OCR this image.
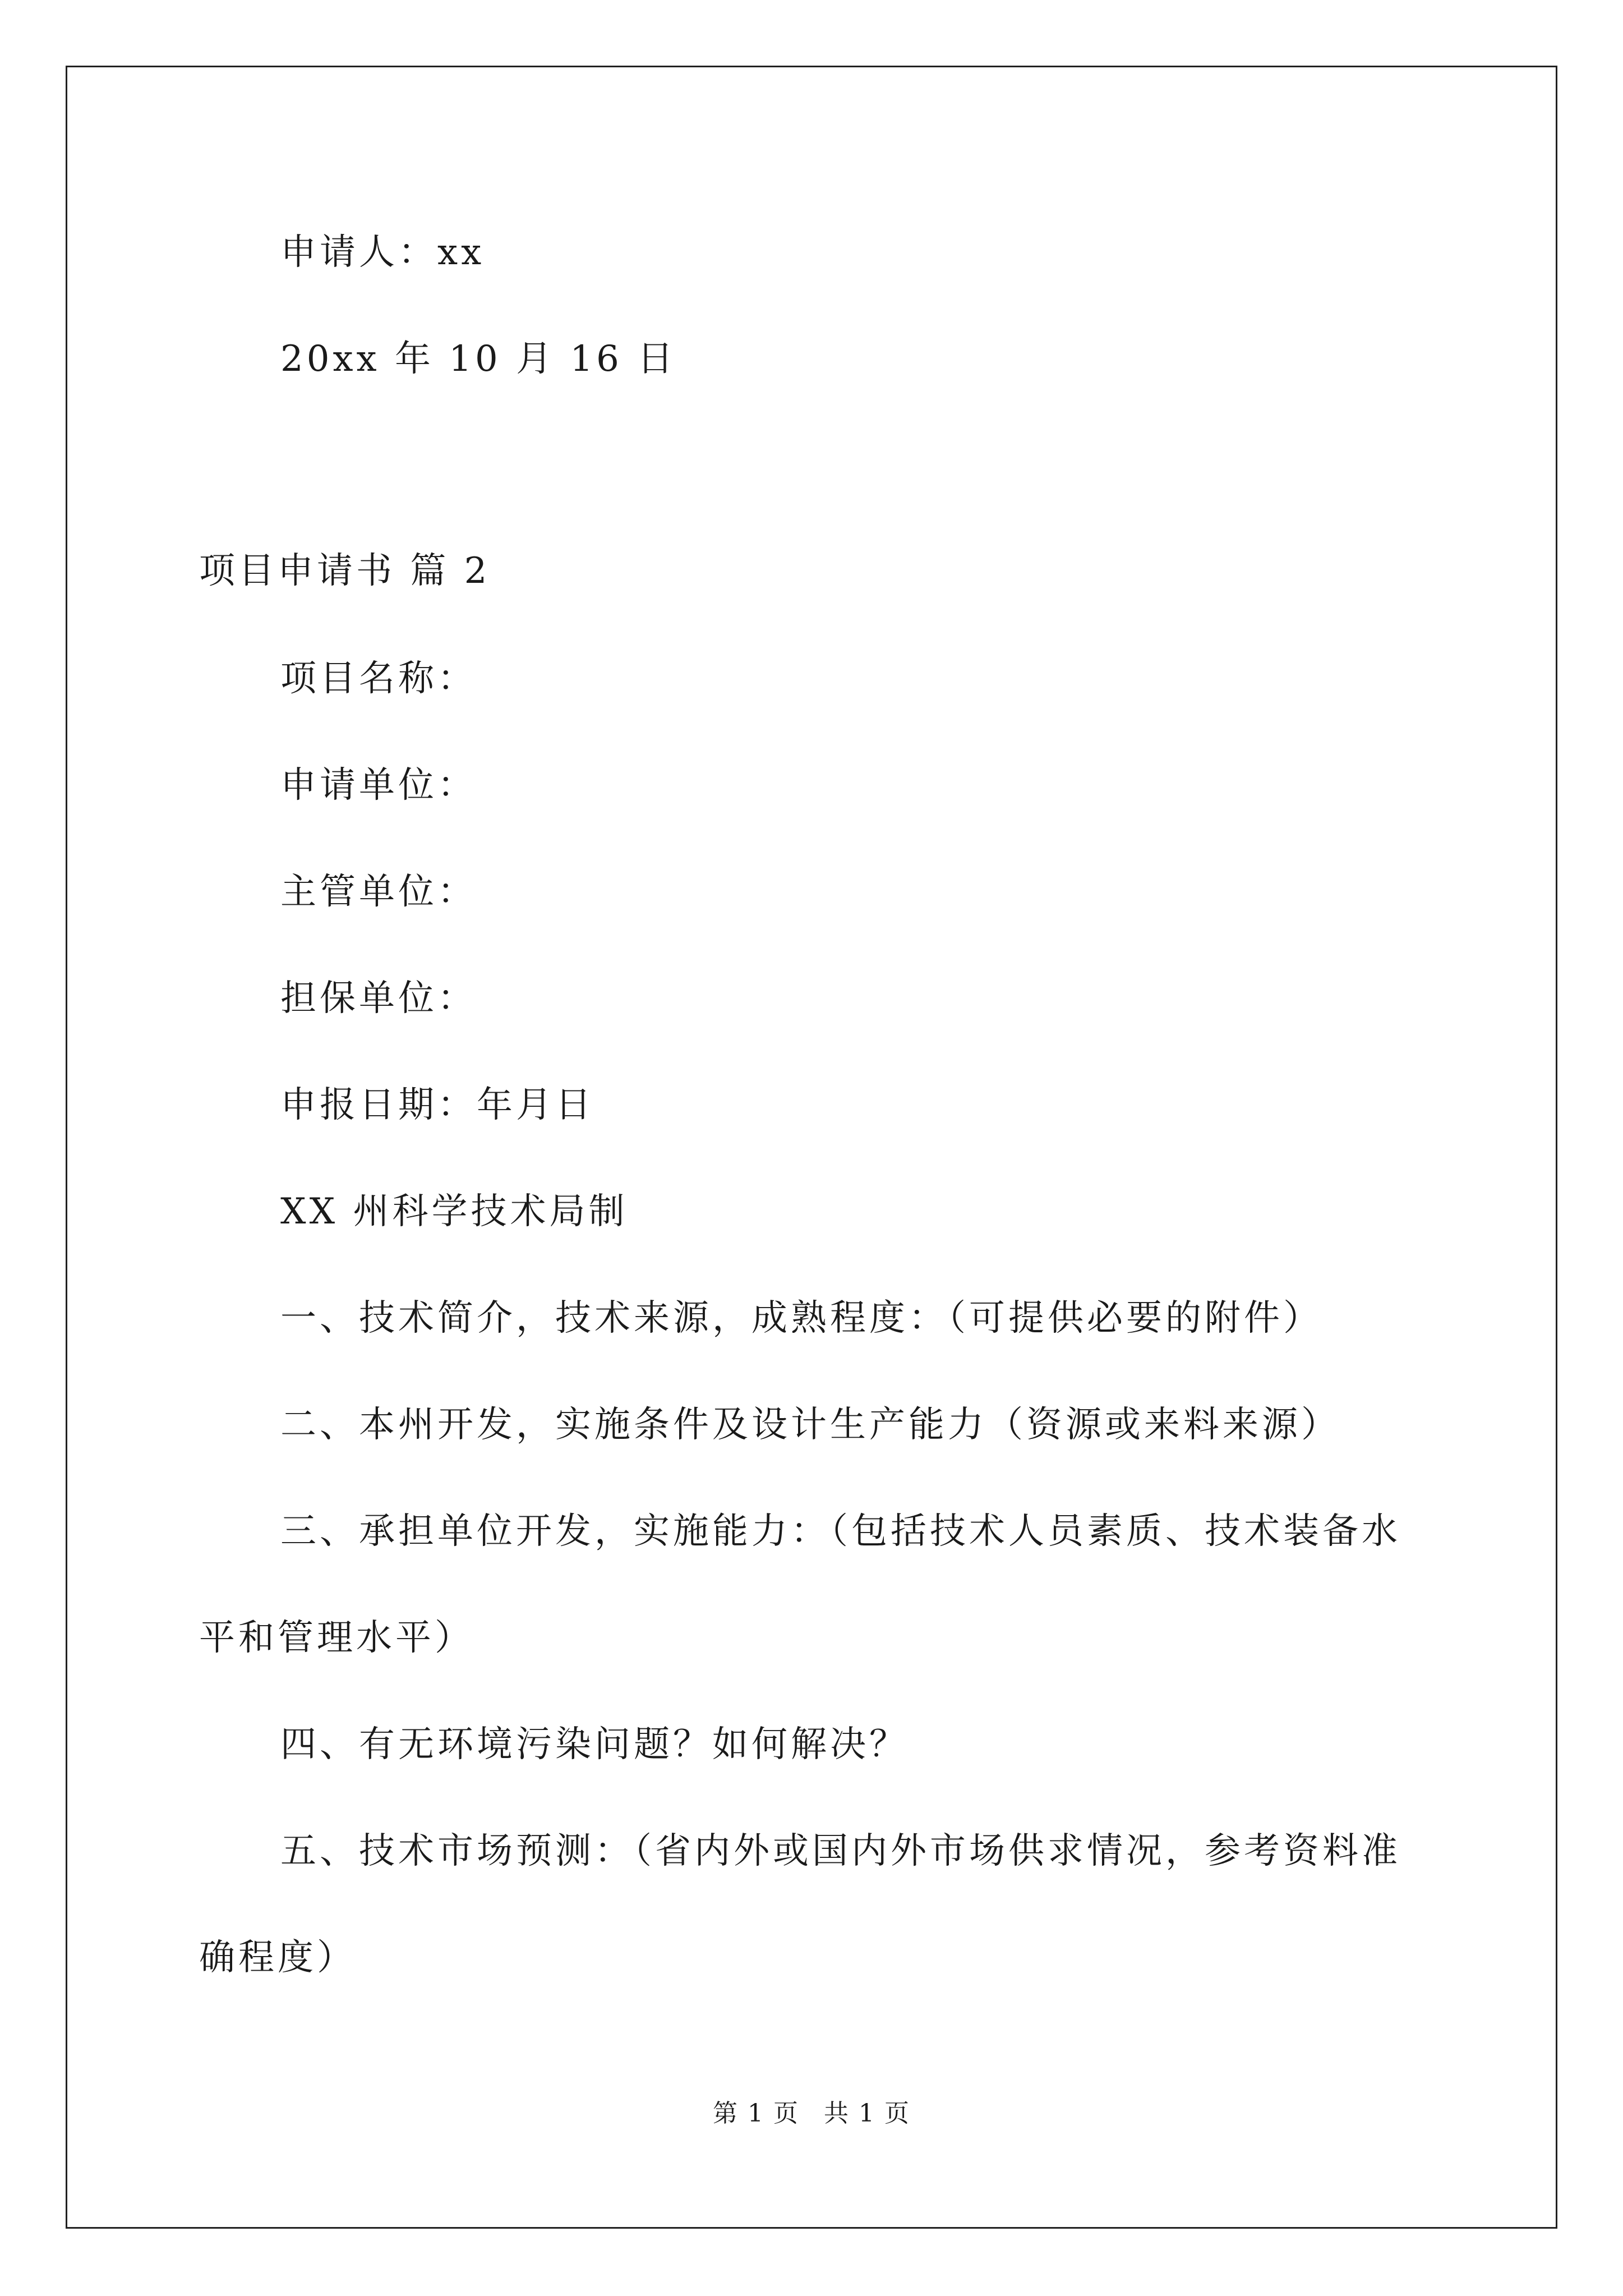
申请人：xx
20xx 年 10 月 16 日
项目申请书 篇 2
项目名称：
申请单位：
主管单位：
担保单位：
申报日期：年月日
XX 州科学技术局制
一、技术简介，技术来源，成熟程度：（可提供必要的附件）
二、本州开发，实施条件及设计生产能力（资源或来料来源）
三、承担单位开发，实施能力：（包括技术人员素质、技术装备水
平和管理水平）
四、有无环境污染问题？如何解决？
五、技术市场预测：（省内外或国内外市场供求情况，参考资料准
确程度）
第 1 页 共 1 页
